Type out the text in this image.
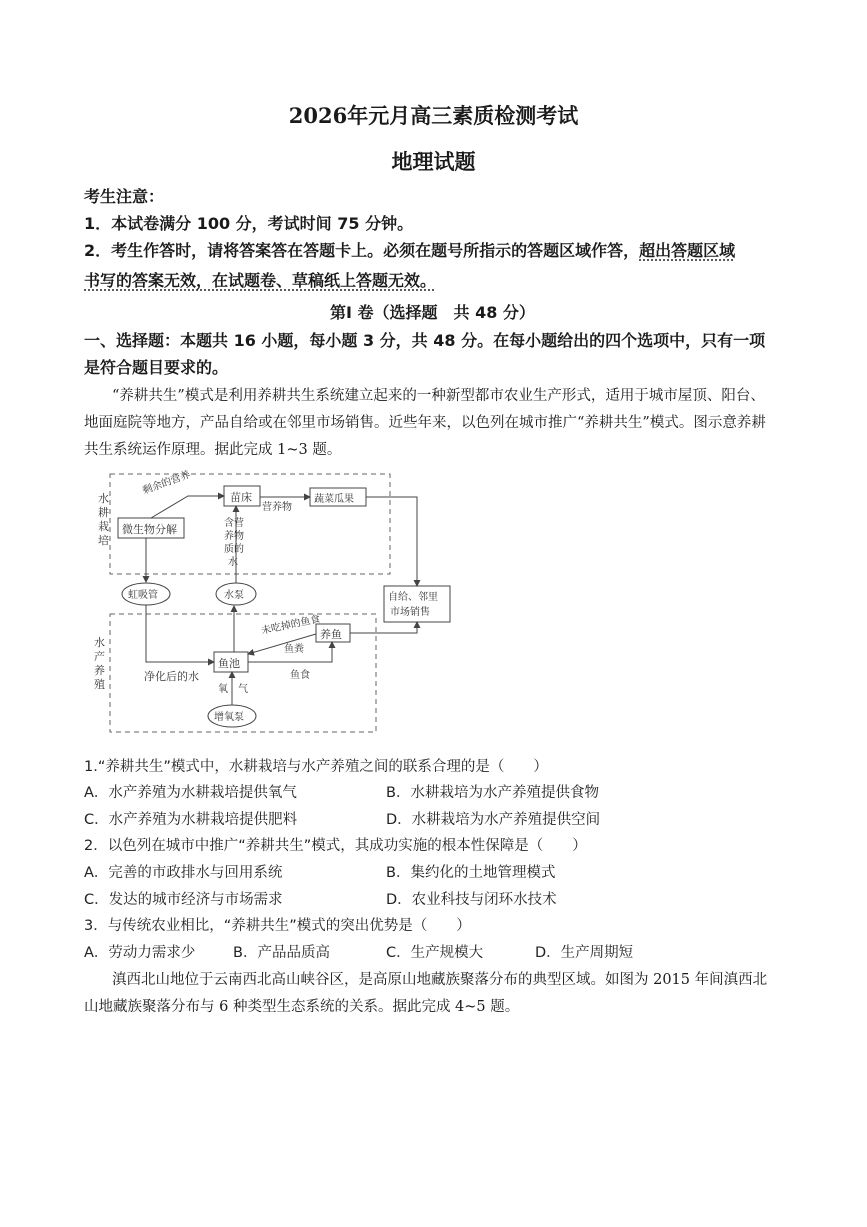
2026年元月高三素质检测考试
地理试题
考生注意：
1．本试卷满分 100 分，考试时间 75 分钟。
2．考生作答时，请将答案答在答题卡上。必须在题号所指示的答题区域作答，超出答题区域
书写的答案无效，在试题卷、草稿纸上答题无效。
第Ⅰ 卷（选择题　共 48 分）
一、选择题：本题共 16 小题，每小题 3 分，共 48 分。在每小题给出的四个选项中，只有一项
是符合题目要求的。
“养耕共生”模式是利用养耕共生系统建立起来的一种新型都市农业生产形式，适用于城市屋顶、阳台、
地面庭院等地方，产品自给或在邻里市场销售。近些年来，以色列在城市推广“养耕共生”模式。图示意养耕
共生系统运作原理。据此完成 1~3 题。
水
耕
栽
培
水
产
养
殖
微生物分解
苗床	蔬菜瓜果
自给、邻里
市场销售
鱼池
养鱼
虹吸管	水泵
增氧泵
剩余的营养
营养物
含营
养物
质的
水
净化后的水	鱼食
未吃掉的鱼食
鱼粪
氧　气
1.“养耕共生”模式中，水耕栽培与水产养殖之间的联系合理的是（　　）
A．水产养殖为水耕栽培提供氧气	B．水耕栽培为水产养殖提供食物
C．水产养殖为水耕栽培提供肥料	D．水耕栽培为水产养殖提供空间
2．以色列在城市中推广“养耕共生”模式，其成功实施的根本性保障是（　　）
A．完善的市政排水与回用系统	B．集约化的土地管理模式
C．发达的城市经济与市场需求	D．农业科技与闭环水技术
3．与传统农业相比，“养耕共生”模式的突出优势是（　　）
A．劳动力需求少	B．产品品质高	C．生产规模大	D．生产周期短
滇西北山地位于云南西北高山峡谷区，是高原山地藏族聚落分布的典型区域。如图为 2015 年间滇西北
山地藏族聚落分布与 6 种类型生态系统的关系。据此完成 4~5 题。
